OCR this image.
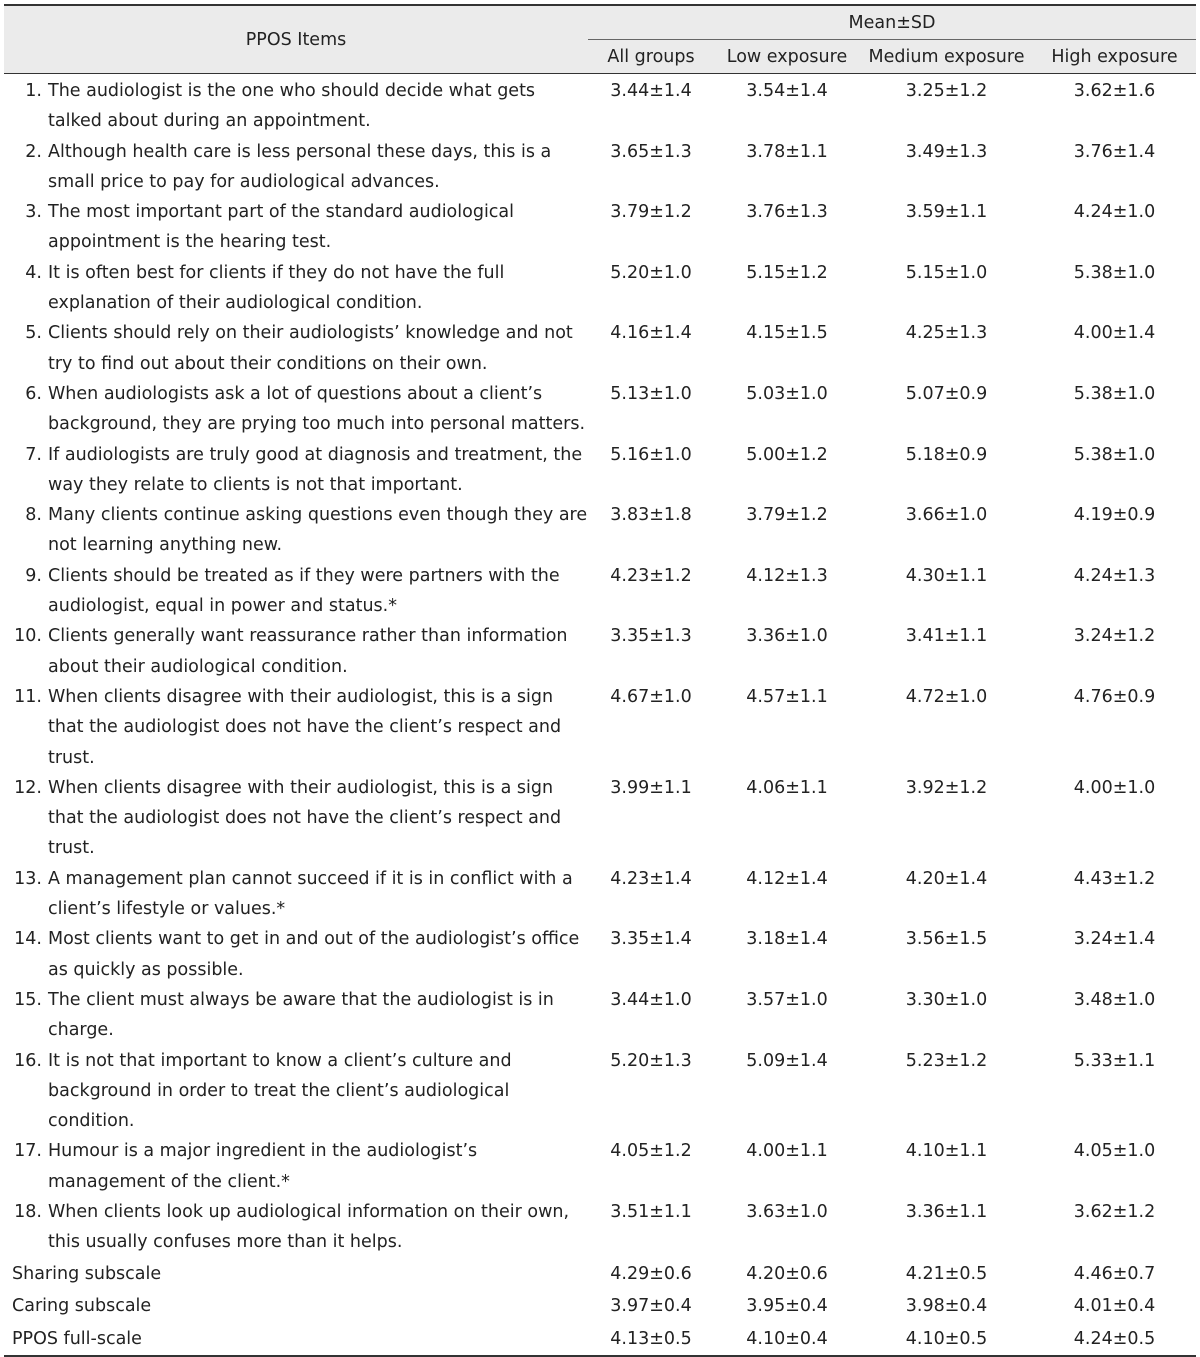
PPOS Items	Mean±SD			
	All groups	Low exposure	Medium exposure	High exposure

1. The audiologist is the one who should decide what gets talked about during an appointment.	3.44±1.4	3.54±1.4	3.25±1.2	3.62±1.6

2. Although health care is less personal these days, this is a small price to pay for audiological advances.	3.65±1.3	3.78±1.1	3.49±1.3	3.76±1.4

3. The most important part of the standard audiological appointment is the hearing test.	3.79±1.2	3.76±1.3	3.59±1.1	4.24±1.0

4. It is often best for clients if they do not have the full explanation of their audiological condition.	5.20±1.0	5.15±1.2	5.15±1.0	5.38±1.0

5. Clients should rely on their audiologists’ knowledge and not try to find out about their conditions on their own.	4.16±1.4	4.15±1.5	4.25±1.3	4.00±1.4

6. When audiologists ask a lot of questions about a client’s background, they are prying too much into personal matters.	5.13±1.0	5.03±1.0	5.07±0.9	5.38±1.0

7. If audiologists are truly good at diagnosis and treatment, the way they relate to clients is not that important.	5.16±1.0	5.00±1.2	5.18±0.9	5.38±1.0

8. Many clients continue asking questions even though they are not learning anything new.	3.83±1.8	3.79±1.2	3.66±1.0	4.19±0.9

9. Clients should be treated as if they were partners with the audiologist, equal in power and status.*	4.23±1.2	4.12±1.3	4.30±1.1	4.24±1.3

10. Clients generally want reassurance rather than information about their audiological condition.	3.35±1.3	3.36±1.0	3.41±1.1	3.24±1.2

11. When clients disagree with their audiologist, this is a sign that the audiologist does not have the client’s respect and trust.	4.67±1.0	4.57±1.1	4.72±1.0	4.76±0.9

12. When clients disagree with their audiologist, this is a sign that the audiologist does not have the client’s respect and trust.	3.99±1.1	4.06±1.1	3.92±1.2	4.00±1.0

13. A management plan cannot succeed if it is in conflict with a client’s lifestyle or values.*	4.23±1.4	4.12±1.4	4.20±1.4	4.43±1.2

14. Most clients want to get in and out of the audiologist’s office as quickly as possible.	3.35±1.4	3.18±1.4	3.56±1.5	3.24±1.4

15. The client must always be aware that the audiologist is in charge.	3.44±1.0	3.57±1.0	3.30±1.0	3.48±1.0

16. It is not that important to know a client’s culture and background in order to treat the client’s audiological condition.	5.20±1.3	5.09±1.4	5.23±1.2	5.33±1.1

17. Humour is a major ingredient in the audiologist’s management of the client.*	4.05±1.2	4.00±1.1	4.10±1.1	4.05±1.0

18. When clients look up audiological information on their own, this usually confuses more than it helps.	3.51±1.1	3.63±1.0	3.36±1.1	3.62±1.2
Sharing subscale	4.29±0.6	4.20±0.6	4.21±0.5	4.46±0.7
Caring subscale	3.97±0.4	3.95±0.4	3.98±0.4	4.01±0.4
PPOS full-scale	4.13±0.5	4.10±0.4	4.10±0.5	4.24±0.5
